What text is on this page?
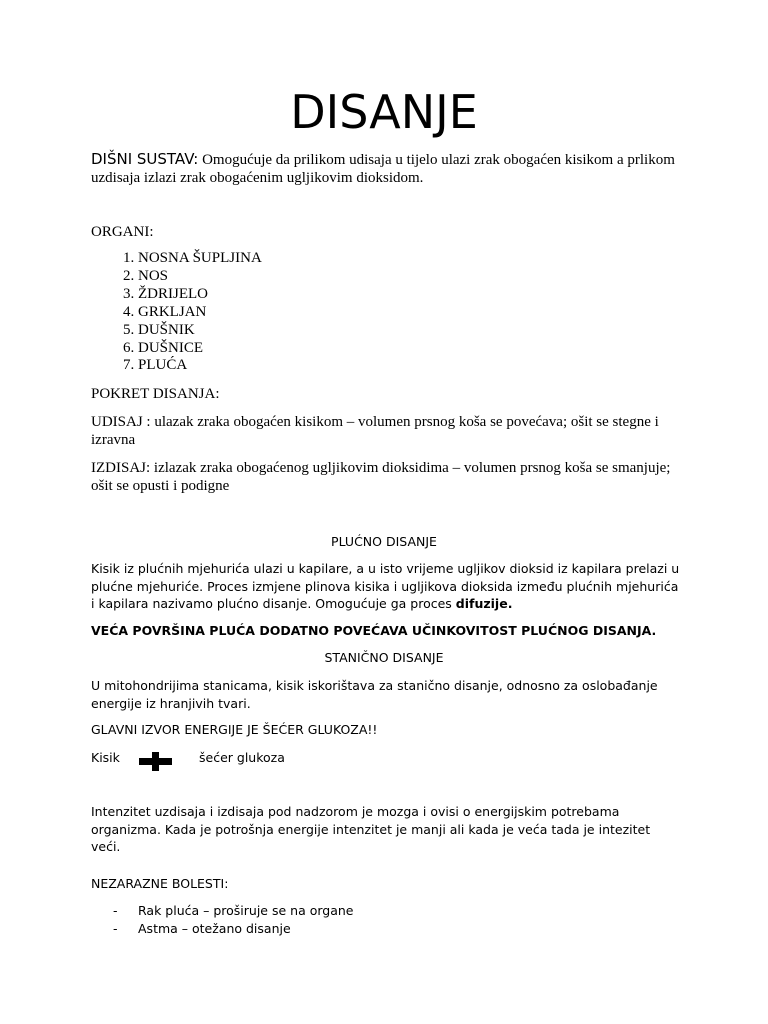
DISANJE

DIŠNI SUSTAV: Omogućuje da prilikom udisaja u tijelo ulazi zrak obogaćen kisikom a prlikom uzdisaja izlazi zrak obogaćenim ugljikovim dioksidom.

ORGANI:

1. NOSNA ŠUPLJINA
2. NOS
3. ŽDRIJELO
4. GRKLJAN
5. DUŠNIK
6. DUŠNICE
7. PLUĆA

POKRET DISANJA:

UDISAJ : ulazak zraka obogaćen kisikom – volumen prsnog koša se povećava; ošit se stegne i izravna

IZDISAJ: izlazak zraka obogaćenog ugljikovim dioksidima – volumen prsnog koša se smanjuje; ošit se opusti i podigne

PLUĆNO DISANJE

Kisik iz plućnih mjehurića ulazi u kapilare, a u isto vrijeme ugljikov dioksid iz kapilara prelazi u plućne mjehuriće. Proces izmjene plinova kisika i ugljikova dioksida između plućnih mjehurića i kapilara nazivamo plućno disanje. Omogućuje ga proces difuzije.

VEĆA POVRŠINA PLUĆA DODATNO POVEĆAVA UČINKOVITOST PLUĆNOG DISANJA.

STANIČNO DISANJE

U mitohondrijima stanicama, kisik iskorištava za stanično disanje, odnosno za oslobađanje energije iz hranjivih tvari.

GLAVNI IZVOR ENERGIJE JE ŠEĆER GLUKOZA!!

Kisik	šećer glukoza

Intenzitet uzdisaja i izdisaja pod nadzorom je mozga i ovisi o energijskim potrebama organizma. Kada je potrošnja energije intenzitet je manji ali kada je veća tada je intezitet veći.

NEZARAZNE BOLESTI:

- Rak pluća – proširuje se na organe
- Astma – otežano disanje
